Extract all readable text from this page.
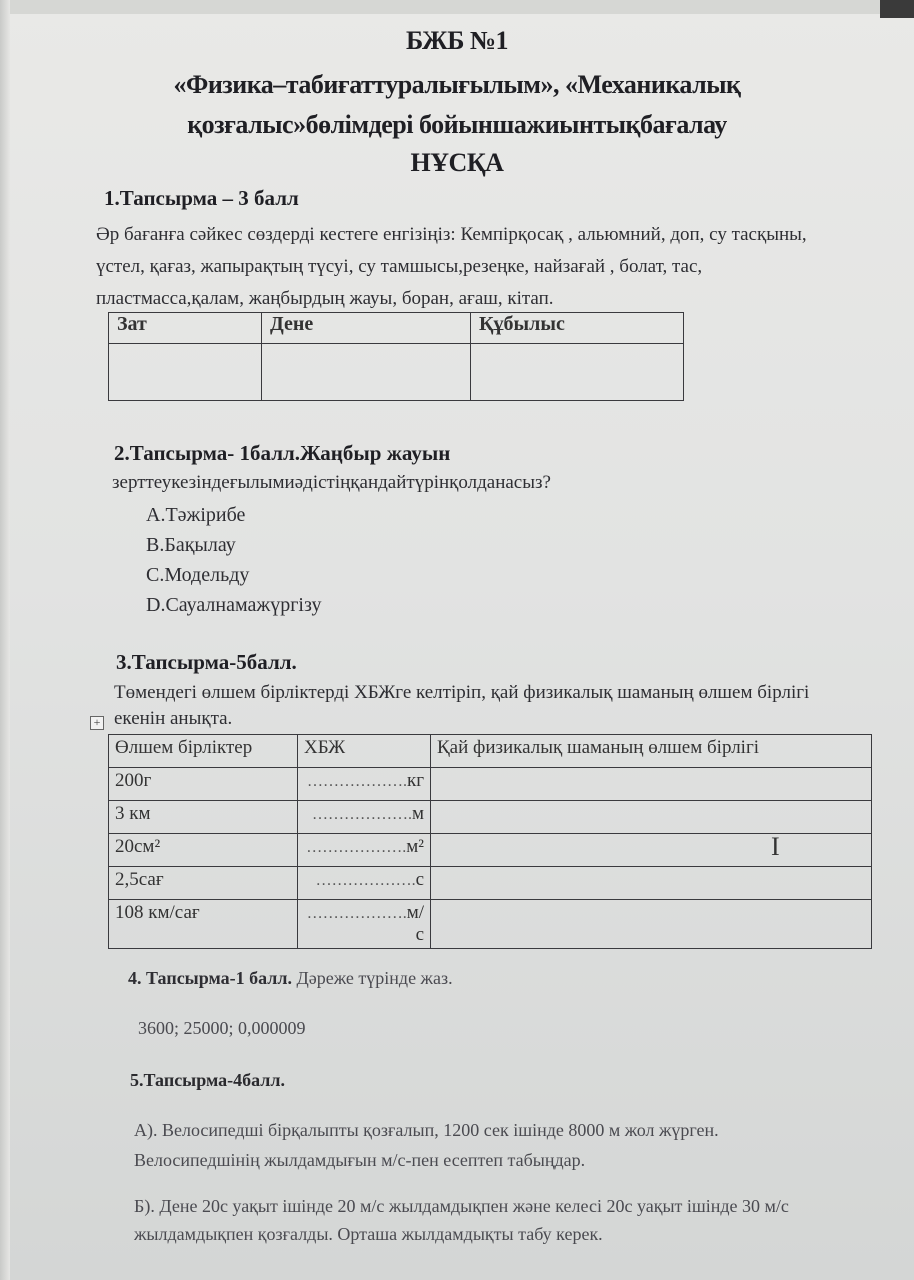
БЖБ №1
«Физика–табиғаттуралығылым», «Механикалық
қозғалыс»бөлімдері бойыншажиынтықбағалау
НҰСҚА
1.Тапсырма – 3 балл
Әр бағанға сәйкес сөздерді кестеге енгізіңіз: Кемпірқосақ , альюмний, доп, су тасқыны,
үстел, қағаз, жапырақтың түсуі, су тамшысы,резеңке, найзағай , болат, тас,
пластмасса,қалам, жаңбырдың жауы, боран, ағаш, кітап.
Зат	Дене	Құбылыс

2.Тапсырма- 1балл.Жаңбыр жауын
зерттеукезіндеғылымиәдістіңқандайтүрінқолданасыз?
А.Тәжірибе
В.Бақылау
С.Модельду
D.Сауалнамажүргізу
3.Тапсырма-5балл.
Төмендегі өлшем бірліктерді ХБЖге келтіріп, қай физикалық шаманың өлшем бірлігі
екенін анықта.
+
Өлшем бірліктер	ХБЖ	Қай физикалық шаманың өлшем бірлігі
200г	……………….кг	
3 км	……………….м	
20см²	……………….м²	
2,5сағ	……………….с	
108 км/сағ	……………….м/с	
I
4. Тапсырма-1 балл. Дәреже түрінде жаз.
3600; 25000; 0,000009
5.Тапсырма-4балл.
А). Велосипедші бірқалыпты қозғалып, 1200 сек ішінде 8000 м жол жүрген.
Велосипедшінің жылдамдығын м/с-пен есептеп табыңдар.
Б). Дене 20с уақыт ішінде 20 м/с жылдамдықпен және келесі 20с уақыт ішінде 30 м/с
жылдамдықпен қозғалды. Орташа жылдамдықты табу керек.
